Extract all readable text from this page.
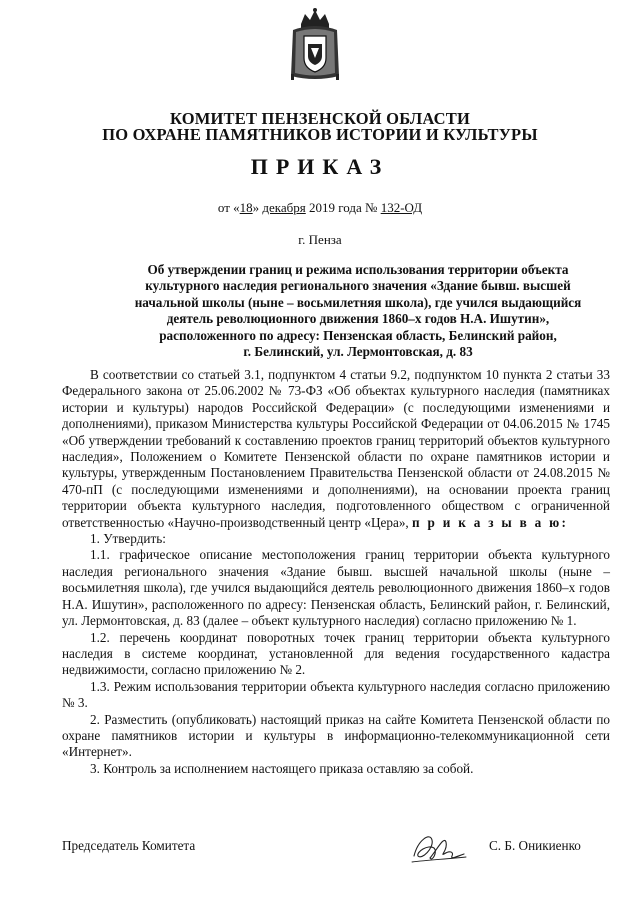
КОМИТЕТ ПЕНЗЕНСКОЙ ОБЛАСТИ
ПО ОХРАНЕ ПАМЯТНИКОВ ИСТОРИИ И КУЛЬТУРЫ
ПРИКАЗ
от «18» декабря 2019 года № 132-ОД
г. Пенза
Об утверждении границ и режима использования территории объекта
культурного наследия регионального значения «Здание бывш. высшей
начальной школы (ныне – восьмилетняя школа), где учился выдающийся
деятель революционного движения 1860–х годов Н.А. Ишутин»,
расположенного по адресу: Пензенская область, Белинский район,
г. Белинский, ул. Лермонтовская, д. 83

В соответствии со статьей 3.1, подпунктом 4 статьи 9.2, подпунктом 10 пункта 2 статьи 33 Федерального закона от 25.06.2002 № 73-ФЗ «Об объектах культурного наследия (памятниках истории и культуры) народов Российской Федерации» (с последующими изменениями и дополнениями), приказом Министерства культуры Российской Федерации от 04.06.2015 № 1745 «Об утверждении требований к составлению проектов границ территорий объектов культурного наследия», Положением о Комитете Пензенской области по охране памятников истории и культуры, утвержденным Постановлением Правительства Пензенской области от 24.08.2015 № 470-пП (с последующими изменениями и дополнениями), на основании проекта границ территории объекта культурного наследия, подготовленного обществом с ограниченной ответственностью «Научно-производственный центр «Цера», п р и к а з ы в а ю:

1. Утвердить:

1.1. графическое описание местоположения границ территории объекта культурного наследия регионального значения «Здание бывш. высшей начальной школы (ныне – восьмилетняя школа), где учился выдающийся деятель революционного движения 1860–х годов Н.А. Ишутин», расположенного по адресу: Пензенская область, Белинский район, г. Белинский, ул. Лермонтовская, д. 83 (далее – объект культурного наследия) согласно приложению № 1.

1.2. перечень координат поворотных точек границ территории объекта культурного наследия в системе координат, установленной для ведения государственного кадастра недвижимости, согласно приложению № 2.

1.3. Режим использования территории объекта культурного наследия согласно приложению № 3.

2. Разместить (опубликовать) настоящий приказ на сайте Комитета Пензенской области по охране памятников истории и культуры в информационно-телекоммуникационной сети «Интернет».

3. Контроль за исполнением настоящего приказа оставляю за собой.

Председатель Комитета	С. Б. Оникиенко
